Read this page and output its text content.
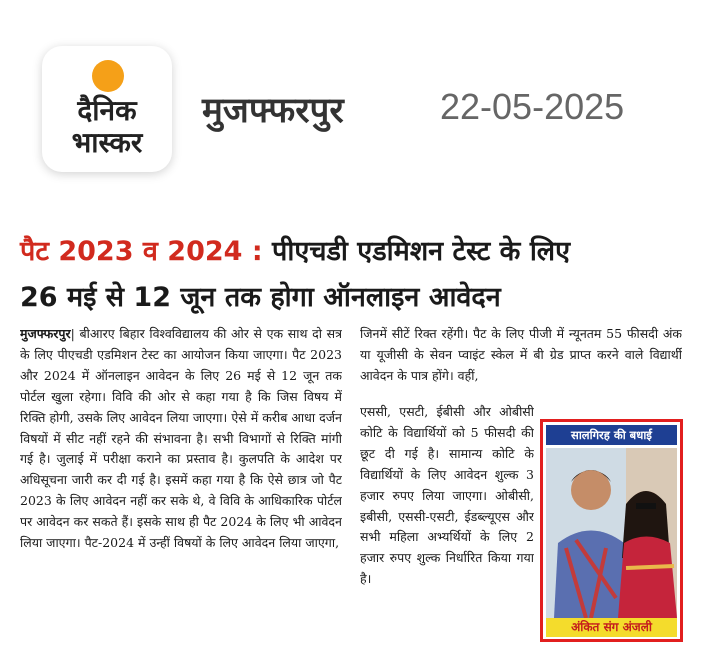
दैनिक
भास्कर
मुजफ्फरपुर	22-05-2025
पैट 2023 व 2024 : पीएचडी एडमिशन टेस्ट के लिए
26 मई से 12 जून तक होगा ऑनलाइन आवेदन
मुजफ्फरपुर| बीआरए बिहार विश्वविद्यालय की ओर से एक साथ दो सत्र के लिए पीएचडी एडमिशन टेस्ट का आयोजन किया जाएगा। पैट 2023 और 2024 में ऑनलाइन आवेदन के लिए 26 मई से 12 जून तक पोर्टल खुला रहेगा। विवि की ओर से कहा गया है कि जिस विषय में रिक्ति होगी, उसके लिए आवेदन लिया जाएगा। ऐसे में करीब आधा दर्जन विषयों में सीट नहीं रहने की संभावना है। सभी विभागों से रिक्ति मांगी गई है। जुलाई में परीक्षा कराने का प्रस्ताव है। कुलपति के आदेश पर अधिसूचना जारी कर दी गई है। इसमें कहा गया है कि ऐसे छात्र जो पैट 2023 के लिए आवेदन नहीं कर सके थे, वे विवि के आधिकारिक पोर्टल पर आवेदन कर सकते हैं। इसके साथ ही पैट 2024 के लिए भी आवेदन लिया जाएगा। पैट-2024 में उन्हीं विषयों के लिए आवेदन लिया जाएगा,
जिनमें सीटें रिक्त रहेंगी। पैट के लिए पीजी में न्यूनतम 55 फीसदी अंक या यूजीसी के सेवन प्वाइंट स्केल में बी ग्रेड प्राप्त करने वाले विद्यार्थी आवेदन के पात्र होंगे। वहीं,
एससी, एसटी, ईबीसी और ओबीसी कोटि के विद्यार्थियों को 5 फीसदी की छूट दी गई है। सामान्य कोटि के विद्यार्थियों के लिए आवेदन शुल्क 3 हजार रुपए लिया जाएगा। ओबीसी, इबीसी, एससी-एसटी, ईडब्ल्यूएस और सभी महिला अभ्यर्थियों के लिए 2 हजार रुपए शुल्क निर्धारित किया गया है।
सालगिरह की बधाई
अंकित संग अंजली
